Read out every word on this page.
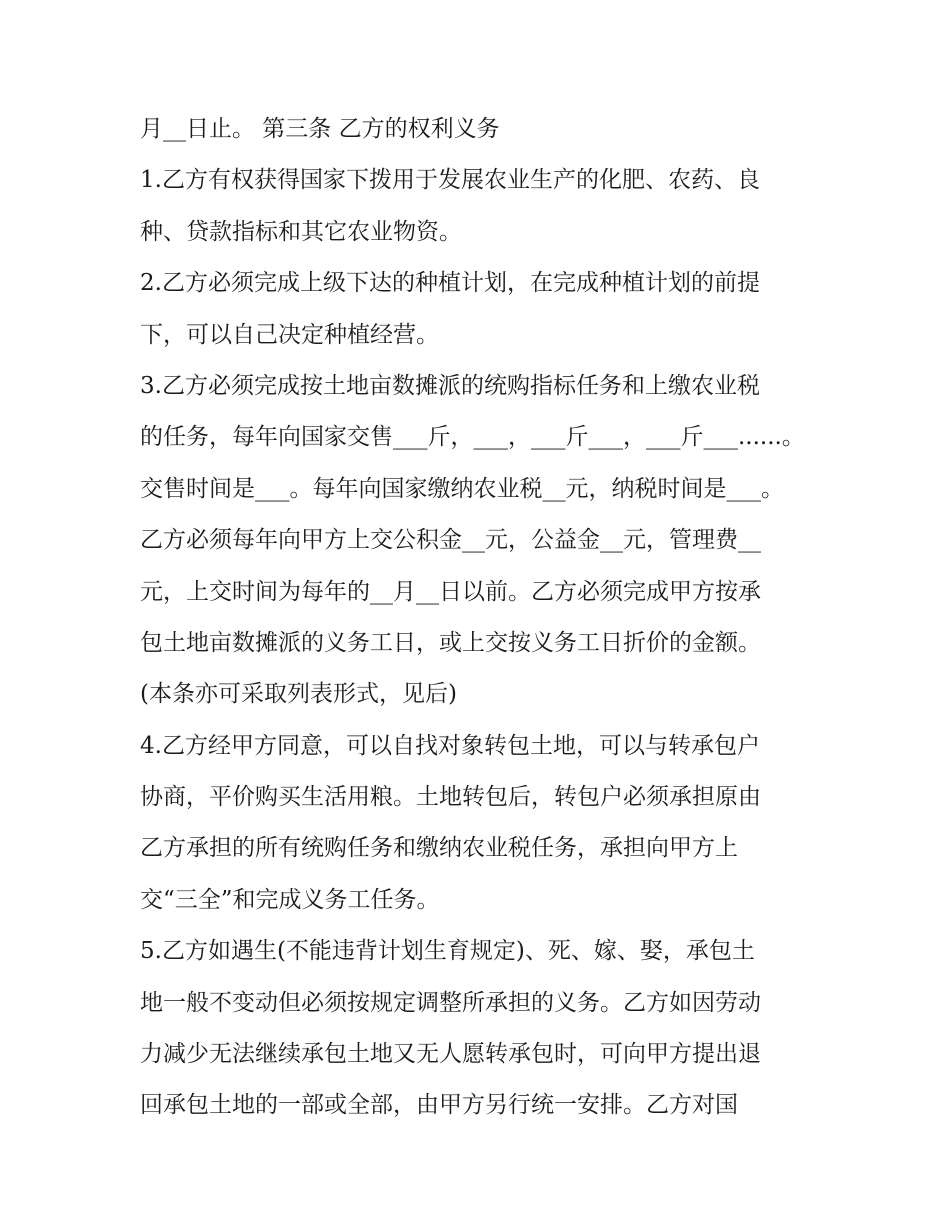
月__日止。 第三条 乙方的权利义务
1.乙方有权获得国家下拨用于发展农业生产的化肥、农药、良
种、贷款指标和其它农业物资。
2.乙方必须完成上级下达的种植计划，在完成种植计划的前提
下，可以自己决定种植经营。
3.乙方必须完成按土地亩数摊派的统购指标任务和上缴农业税
的任务，每年向国家交售___斤，___，___斤___，___斤___......。
交售时间是___。每年向国家缴纳农业税__元，纳税时间是___。
乙方必须每年向甲方上交公积金__元，公益金__元，管理费__
元，上交时间为每年的__月__日以前。乙方必须完成甲方按承
包土地亩数摊派的义务工日，或上交按义务工日折价的金额。
(本条亦可采取列表形式，见后)
4.乙方经甲方同意，可以自找对象转包土地，可以与转承包户
协商，平价购买生活用粮。土地转包后，转包户必须承担原由
乙方承担的所有统购任务和缴纳农业税任务，承担向甲方上
交“三全”和完成义务工任务。
5.乙方如遇生(不能违背计划生育规定)、死、嫁、娶，承包土
地一般不变动但必须按规定调整所承担的义务。乙方如因劳动
力减少无法继续承包土地又无人愿转承包时，可向甲方提出退
回承包土地的一部或全部，由甲方另行统一安排。乙方对国
